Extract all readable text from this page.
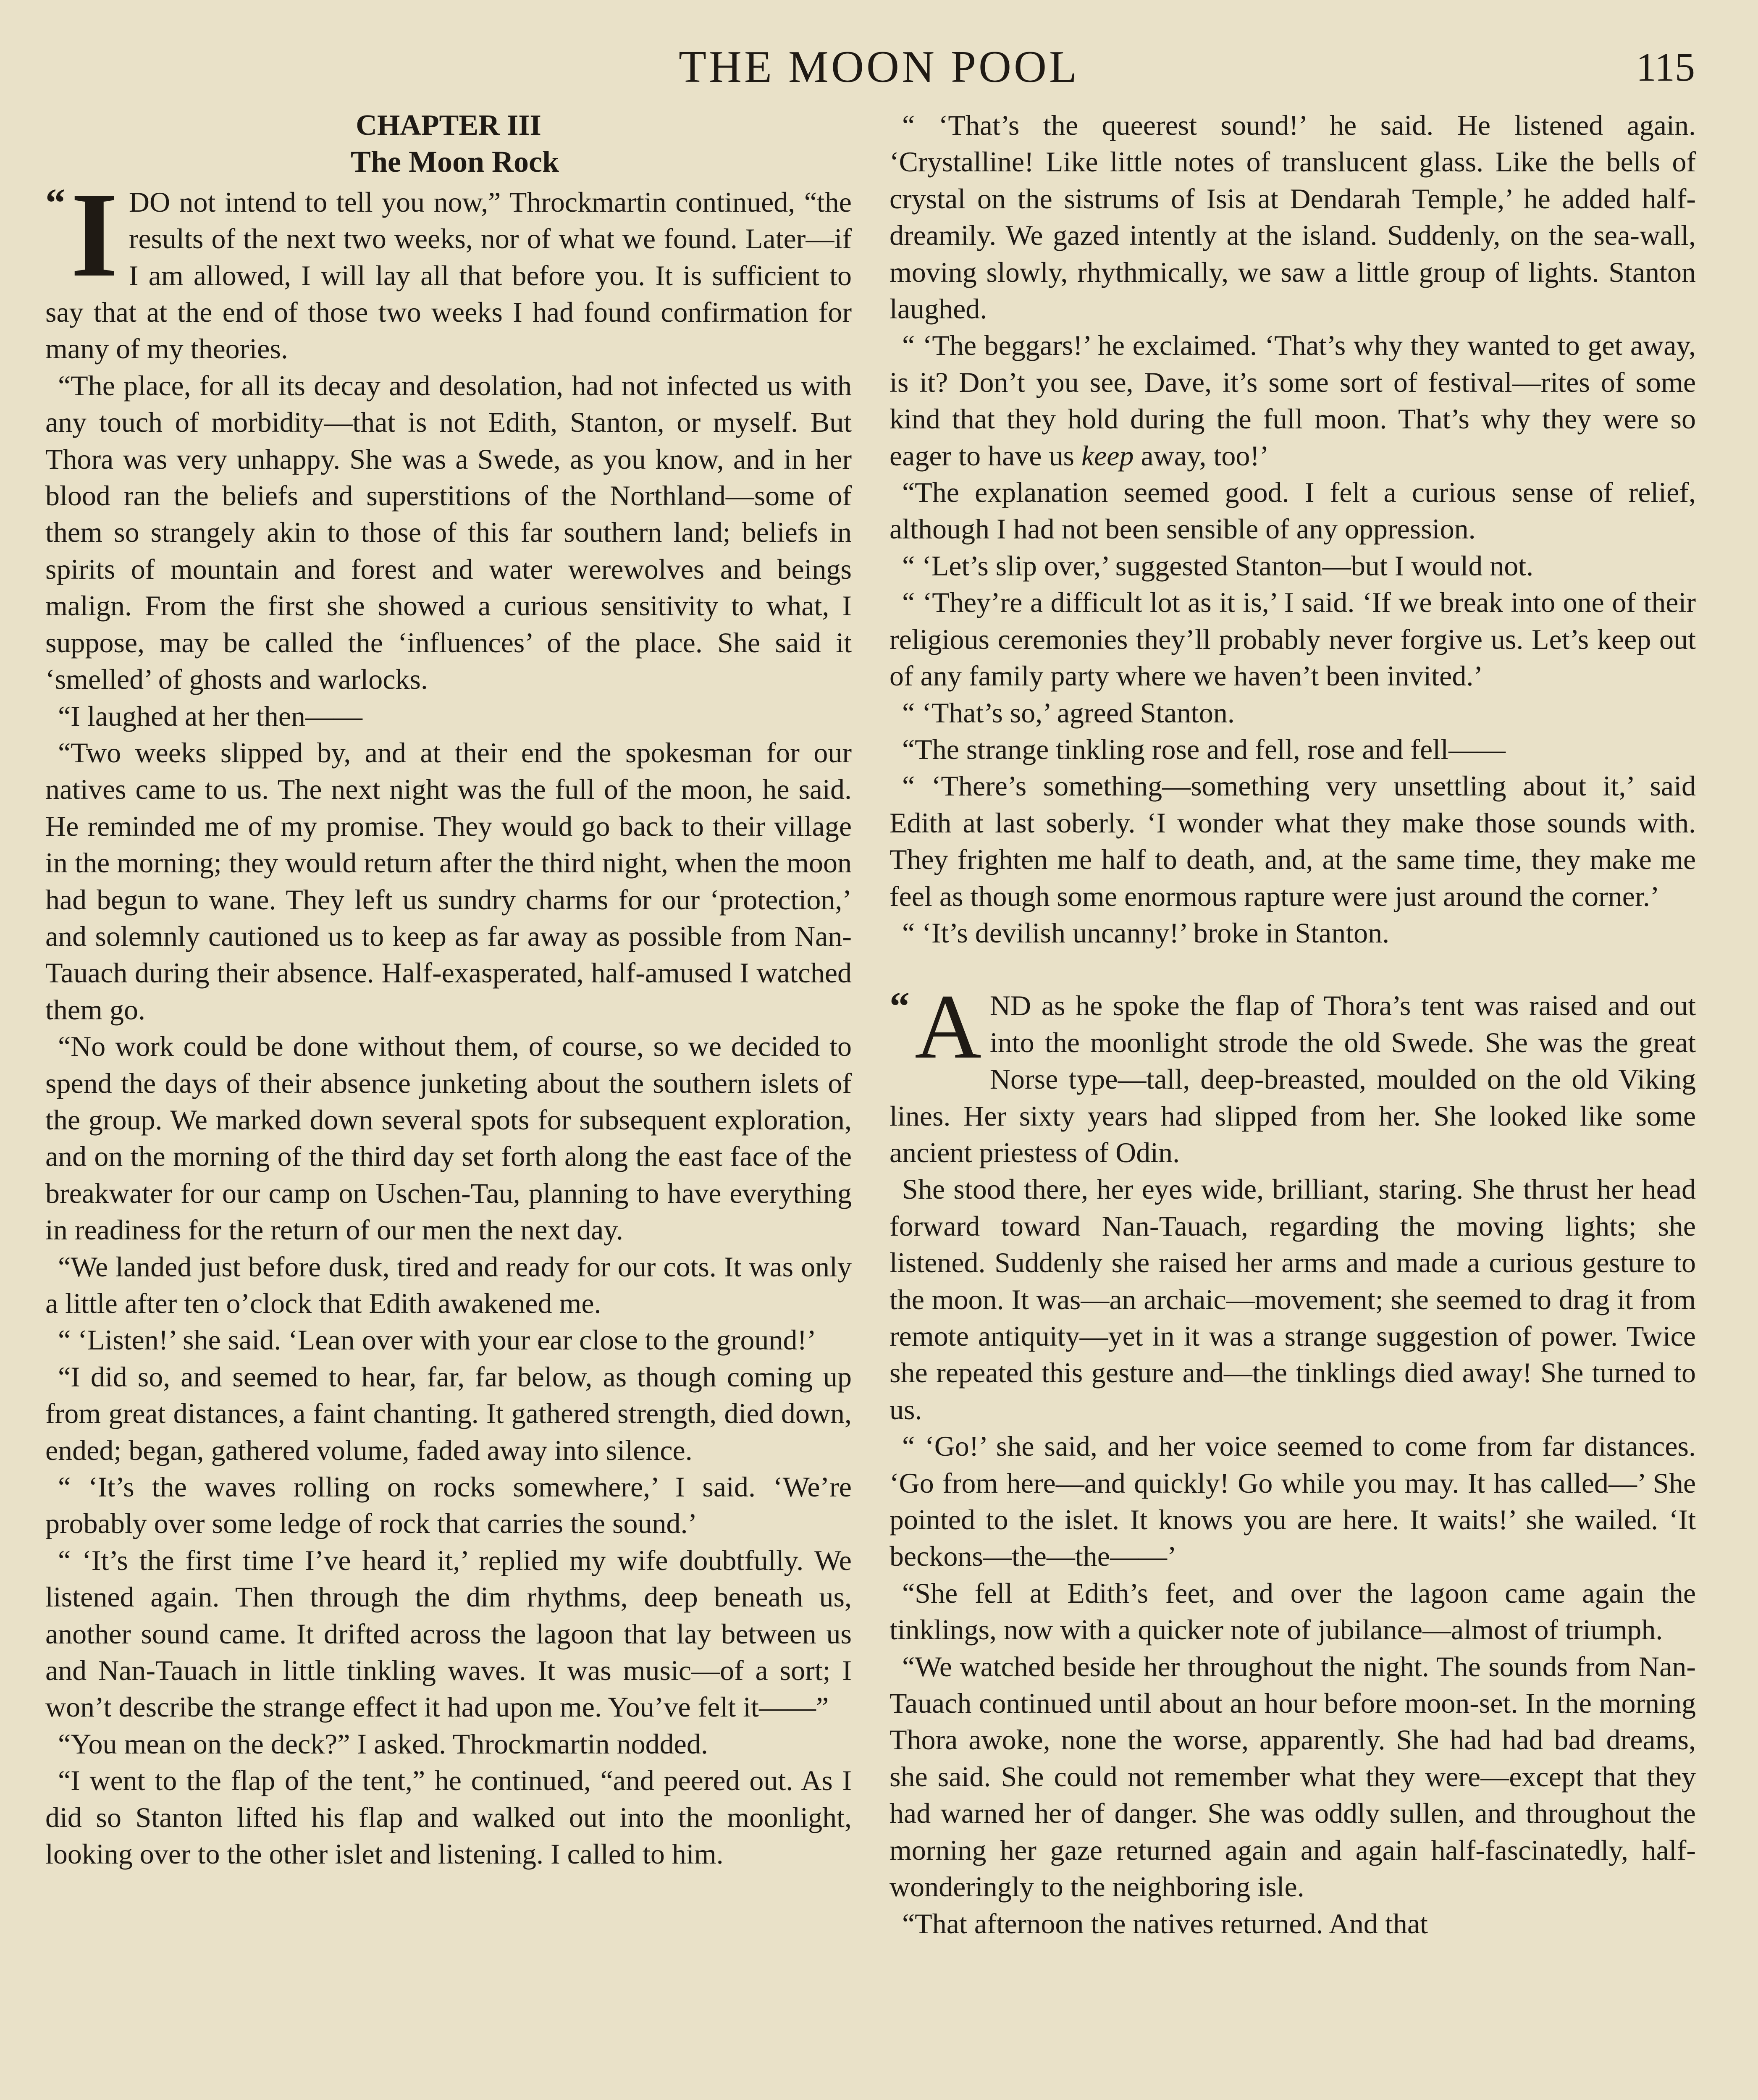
THE MOON POOL	115

CHAPTER III

The Moon Rock

“ I DO not intend to tell you now,” Throckmartin continued, “the results of the next two weeks, nor of what we found. Later—if I am allowed, I will lay all that before you. It is sufficient to say that at the end of those two weeks I had found confirmation for many of my theories.

“The place, for all its decay and desolation, had not infected us with any touch of morbidity—that is not Edith, Stanton, or myself. But Thora was very unhappy. She was a Swede, as you know, and in her blood ran the beliefs and superstitions of the Northland—some of them so strangely akin to those of this far southern land; beliefs in spirits of mountain and forest and water werewolves and beings malign. From the first she showed a curious sensitivity to what, I suppose, may be called the ‘influences’ of the place. She said it ‘smelled’ of ghosts and warlocks.

“I laughed at her then——

“Two weeks slipped by, and at their end the spokesman for our natives came to us. The next night was the full of the moon, he said. He reminded me of my promise. They would go back to their village in the morning; they would return after the third night, when the moon had begun to wane. They left us sundry charms for our ‘protection,’ and solemnly cautioned us to keep as far away as possible from Nan-Tauach during their absence. Half-exasperated, half-amused I watched them go.

“No work could be done without them, of course, so we decided to spend the days of their absence junketing about the southern islets of the group. We marked down several spots for subsequent exploration, and on the morning of the third day set forth along the east face of the breakwater for our camp on Uschen-Tau, planning to have everything in readiness for the return of our men the next day.

“We landed just before dusk, tired and ready for our cots. It was only a little after ten o’clock that Edith awakened me.

“ ‘Listen!’ she said. ‘Lean over with your ear close to the ground!’

“I did so, and seemed to hear, far, far below, as though coming up from great distances, a faint chanting. It gathered strength, died down, ended; began, gathered volume, faded away into silence.

“ ‘It’s the waves rolling on rocks somewhere,’ I said. ‘We’re probably over some ledge of rock that carries the sound.’

“ ‘It’s the first time I’ve heard it,’ replied my wife doubtfully. We listened again. Then through the dim rhythms, deep beneath us, another sound came. It drifted across the lagoon that lay between us and Nan-Tauach in little tinkling waves. It was music—of a sort; I won’t describe the strange effect it had upon me. You’ve felt it——”

“You mean on the deck?” I asked. Throckmartin nodded.

“I went to the flap of the tent,” he continued, “and peered out. As I did so Stanton lifted his flap and walked out into the moonlight, looking over to the other islet and listening. I called to him.

“ ‘That’s the queerest sound!’ he said. He listened again. ‘Crystalline! Like little notes of translucent glass. Like the bells of crystal on the sistrums of Isis at Dendarah Temple,’ he added half-dreamily. We gazed intently at the island. Suddenly, on the sea-wall, moving slowly, rhythmically, we saw a little group of lights. Stanton laughed.

“ ‘The beggars!’ he exclaimed. ‘That’s why they wanted to get away, is it? Don’t you see, Dave, it’s some sort of festival—rites of some kind that they hold during the full moon. That’s why they were so eager to have us keep away, too!’

“The explanation seemed good. I felt a curious sense of relief, although I had not been sensible of any oppression.

“ ‘Let’s slip over,’ suggested Stanton—but I would not.

“ ‘They’re a difficult lot as it is,’ I said. ‘If we break into one of their religious ceremonies they’ll probably never forgive us. Let’s keep out of any family party where we haven’t been invited.’

“ ‘That’s so,’ agreed Stanton.

“The strange tinkling rose and fell, rose and fell——

“ ‘There’s something—something very unsettling about it,’ said Edith at last soberly. ‘I wonder what they make those sounds with. They frighten me half to death, and, at the same time, they make me feel as though some enormous rapture were just around the corner.’

“ ‘It’s devilish uncanny!’ broke in Stanton.

“ A ND as he spoke the flap of Thora’s tent was raised and out into the moonlight strode the old Swede. She was the great Norse type—tall, deep-breasted, moulded on the old Viking lines. Her sixty years had slipped from her. She looked like some ancient priestess of Odin.

She stood there, her eyes wide, brilliant, staring. She thrust her head forward toward Nan-Tauach, regarding the moving lights; she listened. Suddenly she raised her arms and made a curious gesture to the moon. It was—an archaic—movement; she seemed to drag it from remote antiquity—yet in it was a strange suggestion of power. Twice she repeated this gesture and—the tinklings died away! She turned to us.

“ ‘Go!’ she said, and her voice seemed to come from far distances. ‘Go from here—and quickly! Go while you may. It has called—’ She pointed to the islet. It knows you are here. It waits!’ she wailed. ‘It beckons—the—the——’

“She fell at Edith’s feet, and over the lagoon came again the tinklings, now with a quicker note of jubilance—almost of triumph.

“We watched beside her throughout the night. The sounds from Nan-Tauach continued until about an hour before moon-set. In the morning Thora awoke, none the worse, apparently. She had had bad dreams, she said. She could not remember what they were—except that they had warned her of danger. She was oddly sullen, and throughout the morning her gaze returned again and again half-fascinatedly, half-wonderingly to the neighboring isle.

“That afternoon the natives returned. And that
